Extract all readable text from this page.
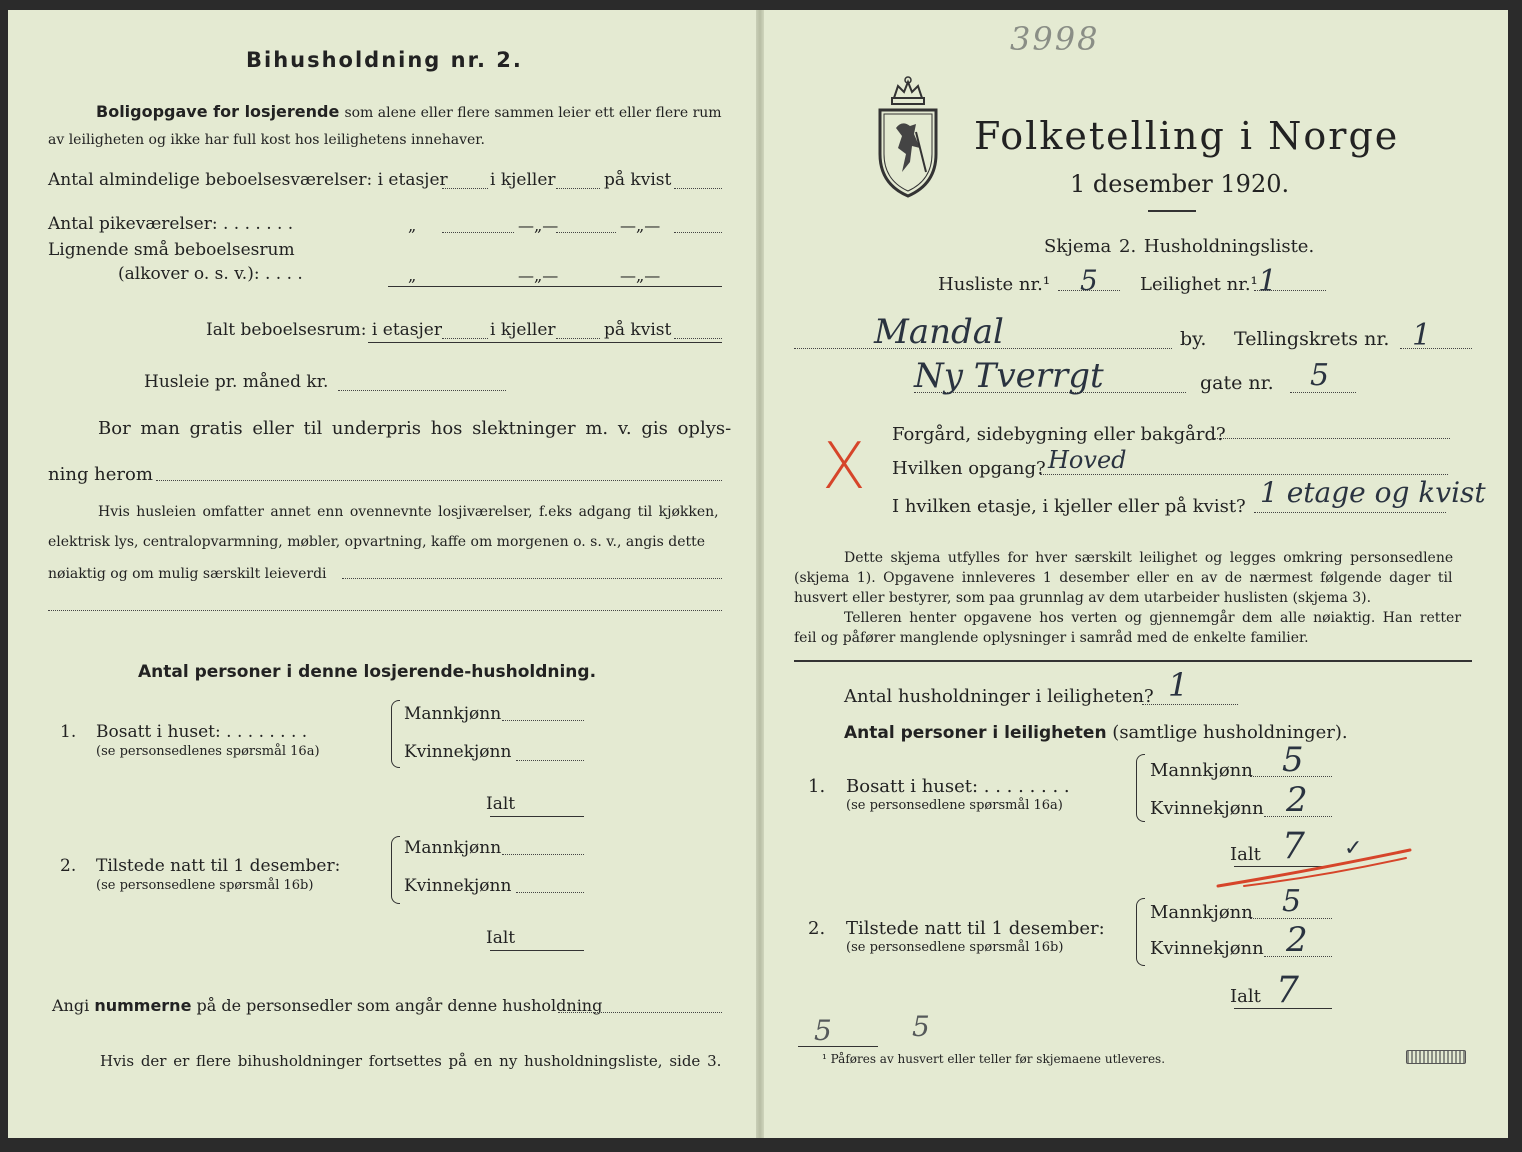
Bihusholdning nr. 2.
Boligopgave for losjerende som alene eller flere sammen leier ett eller flere rum
av leiligheten og ikke har full kost hos leilighetens innehaver.
Antal almindelige beboelsesværelser: i etasjer i kjeller	på kvist
Antal pikeværelser: . . . . . . .	„	—„—	—„—
Lignende små beboelsesrum
(alkover o. s. v.): . . . .	„	—„—	—„—
Ialt beboelsesrum: i etasjer	i kjeller	på kvist
Husleie pr. måned kr.
Bor man gratis eller til underpris hos slektninger m. v. gis oplys-
ning herom
Hvis husleien omfatter annet enn ovennevnte losjiværelser, f.eks adgang til kjøkken,
elektrisk lys, centralopvarmning, møbler, opvartning, kaffe om morgenen o. s. v., angis dette
nøiaktig og om mulig særskilt leieverdi
Antal personer i denne losjerende-husholdning.
1. Bosatt i huset: . . . . . . . .
(se personsedlenes spørsmål 16a)
Mannkjønn
Kvinnekjønn
Ialt
2. Tilstede natt til 1 desember:
(se personsedlene spørsmål 16b)
Mannkjønn
Kvinnekjønn
Ialt
Angi nummerne på de personsedler som angår denne husholdning
Hvis der er flere bihusholdninger fortsettes på en ny husholdningsliste, side 3.
3998
Folketelling i Norge
1 desember 1920.
Skjema 2. Husholdningsliste.
Husliste nr.¹ 5 Leilighet nr.¹ 1
Mandal	by. Tellingskrets nr. 1
Ny Tverrgt	gate nr. 5
X Forgård, sidebygning eller bakgård?
Hvilken opgang? Hoved
I hvilken etasje, i kjeller eller på kvist? 1 etage og kvist
Dette skjema utfylles for hver særskilt leilighet og legges omkring personsedlene
(skjema 1). Opgavene innleveres 1 desember eller en av de nærmest følgende dager til
husvert eller bestyrer, som paa grunnlag av dem utarbeider huslisten (skjema 3).
Telleren henter opgavene hos verten og gjennemgår dem alle nøiaktig. Han retter
feil og påfører manglende oplysninger i samråd med de enkelte familier.
Antal husholdninger i leiligheten? 1
Antal personer i leiligheten (samtlige husholdninger).
1. Bosatt i huset: . . . . . . . .
(se personsedlene spørsmål 16a)
Mannkjønn 5
Kvinnekjønn 2
Ialt 7 ✓
2. Tilstede natt til 1 desember:
(se personsedlene spørsmål 16b)
Mannkjønn 5
Kvinnekjønn 2
Ialt 7
5	5
¹ Påføres av husvert eller teller før skjemaene utleveres.
